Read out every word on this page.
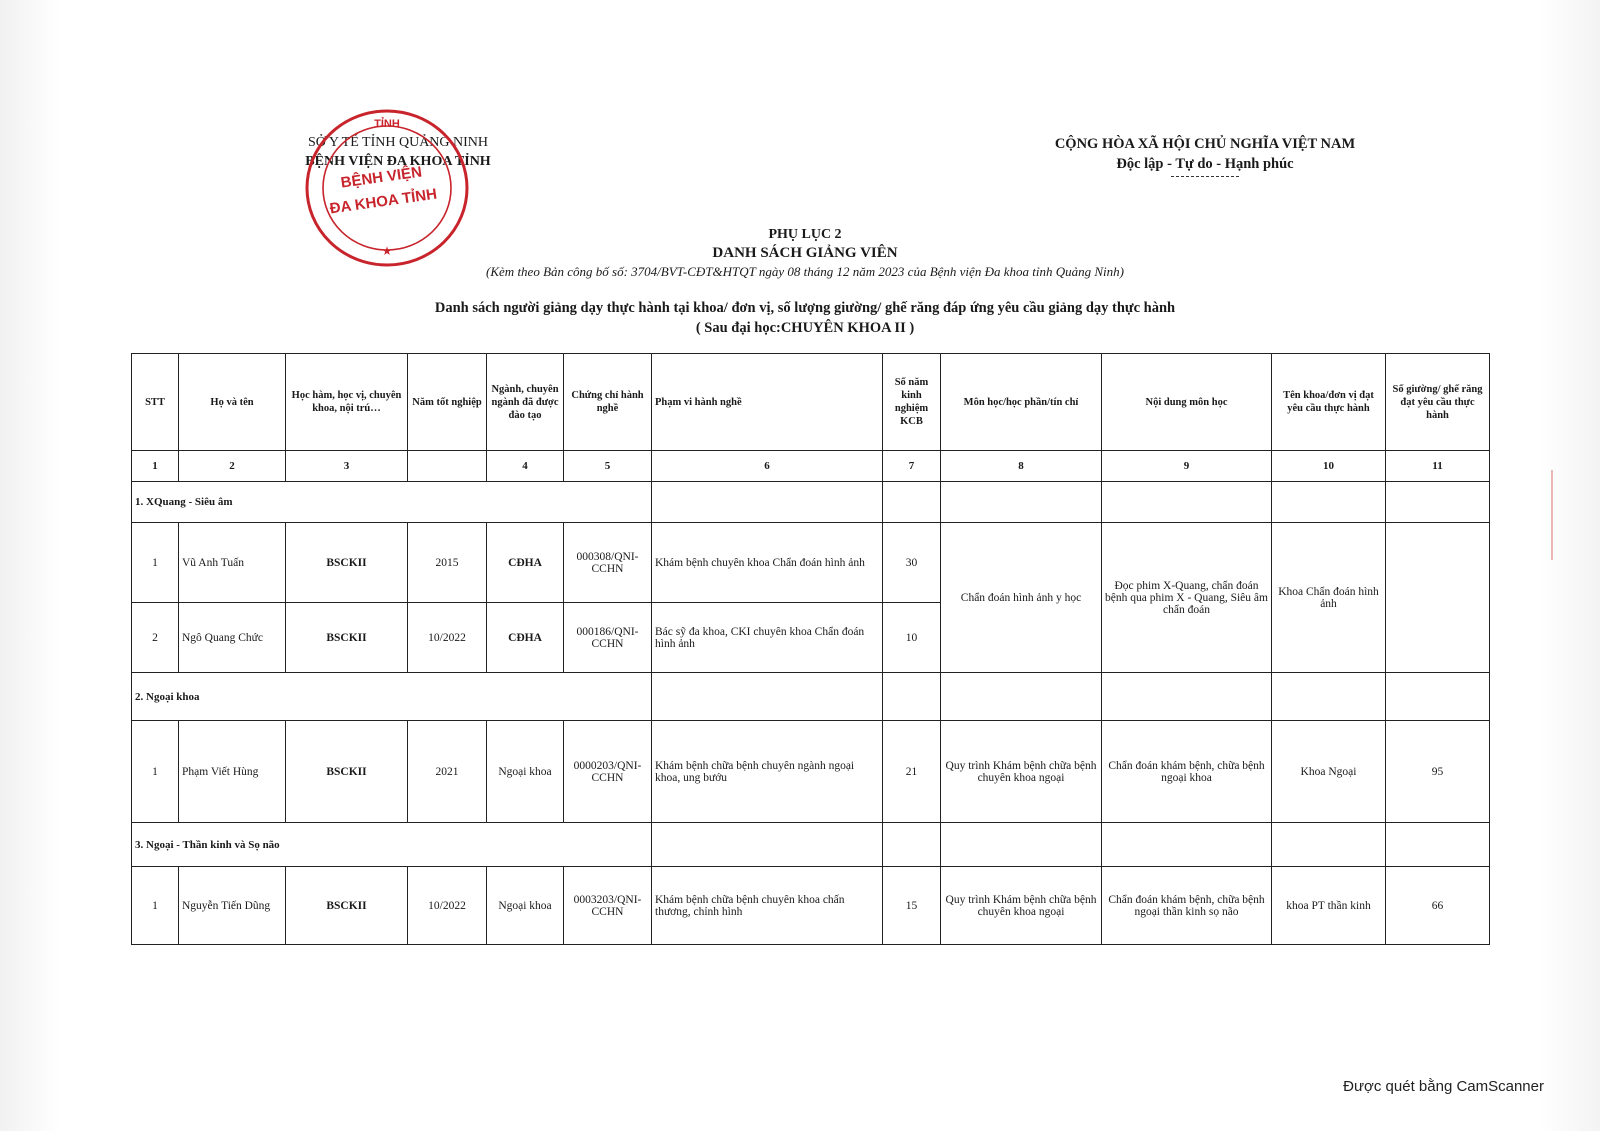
SỞ Y TẾ TỈNH QUẢNG NINH
BỆNH VIỆN ĐA KHOA TỈNH
TỈNH
BỆNH VIỆN
ĐA KHOA TỈNH
★
CỘNG HÒA XÃ HỘI CHỦ NGHĨA VIỆT NAM
Độc lập - Tự do - Hạnh phúc
PHỤ LỤC 2
DANH SÁCH GIẢNG VIÊN
(Kèm theo Bản công bố số: 3704/BVT-CĐT&HTQT ngày 08 tháng 12 năm 2023 của Bệnh viện Đa khoa tỉnh Quảng Ninh)
Danh sách người giảng dạy thực hành tại khoa/ đơn vị, số lượng giường/ ghế răng đáp ứng yêu cầu giảng dạy thực hành
( Sau đại học:CHUYÊN KHOA II )
STT	Họ và tên	Học hàm, học vị, chuyên khoa, nội trú…	Năm tốt nghiệp	Ngành, chuyên ngành đã được đào tạo	Chứng chỉ hành nghề	Phạm vi hành nghề	Số năm kinh nghiệm KCB	Môn học/học phần/tín chỉ	Nội dung môn học	Tên khoa/đơn vị đạt yêu cầu thực hành	Số giường/ ghế răng đạt yêu cầu thực hành
1	2	3		4	5	6	7	8	9	10	11
1. XQuang - Siêu âm											
1	Vũ Anh Tuấn	BSCKII	2015	CĐHA	000308/QNI-CCHN	Khám bệnh chuyên khoa Chẩn đoán hình ảnh	30	Chẩn đoán hình ảnh y học	Đọc phim X-Quang, chẩn đoán bệnh qua phim X - Quang, Siêu âm chẩn đoán	Khoa Chẩn đoán hình ảnh	
2	Ngô Quang Chức	BSCKII	10/2022	CĐHA	000186/QNI-CCHN	Bác sỹ đa khoa, CKI chuyên khoa Chẩn đoán hình ảnh	10				
2. Ngoại khoa											
1	Phạm Viết Hùng	BSCKII	2021	Ngoại khoa	0000203/QNI-CCHN	Khám bệnh chữa bệnh chuyên ngành ngoại khoa, ung bướu	21	Quy trình Khám bệnh chữa bệnh chuyên khoa ngoại	Chẩn đoán khám bệnh, chữa bệnh ngoại khoa	Khoa Ngoại	95
3. Ngoại - Thần kinh và Sọ não											
1	Nguyễn Tiến Dũng	BSCKII	10/2022	Ngoại khoa	0003203/QNI-CCHN	Khám bệnh chữa bệnh chuyên khoa chấn thương, chỉnh hình	15	Quy trình Khám bệnh chữa bệnh chuyên khoa ngoại	Chẩn đoán khám bệnh, chữa bệnh ngoại thần kinh sọ não	khoa PT thần kinh	66
Được quét bằng CamScanner
